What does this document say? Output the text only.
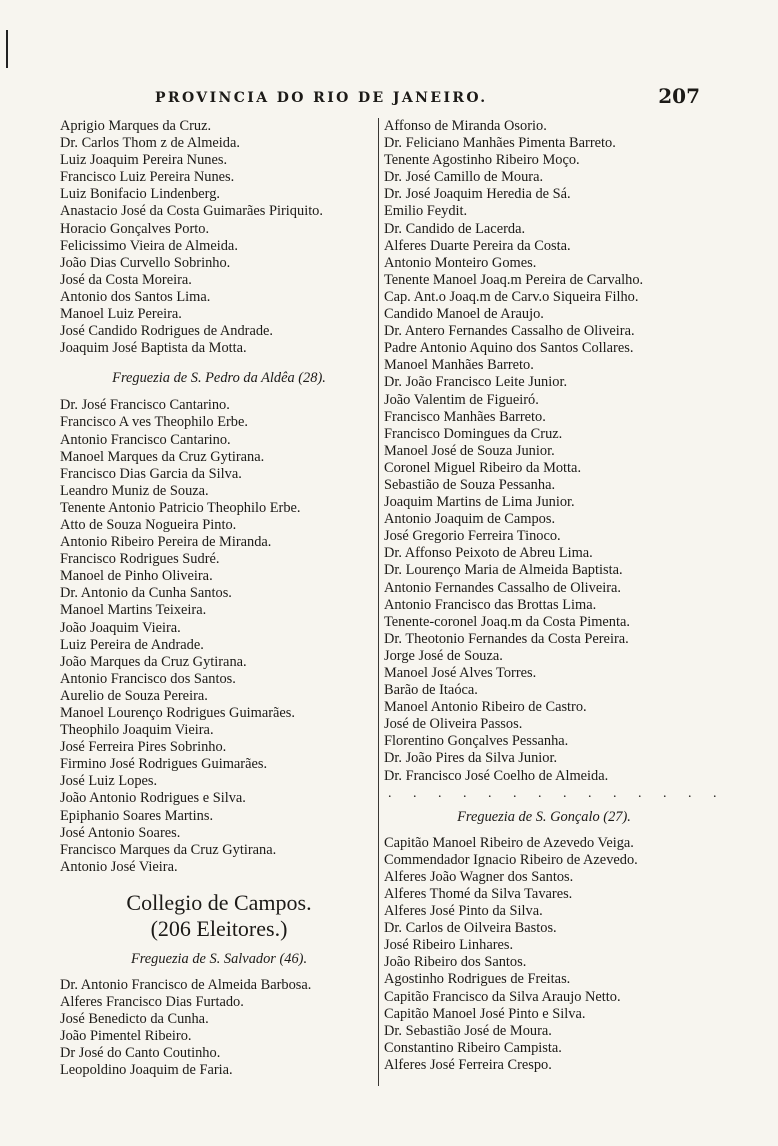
PROVINCIA DO RIO DE JANEIRO.	207
Aprigio Marques da Cruz.
Dr. Carlos Thom z de Almeida.
Luiz Joaquim Pereira Nunes.
Francisco Luiz Pereira Nunes.
Luiz Bonifacio Lindenberg.
Anastacio José da Costa Guimarães Piriquito.
Horacio Gonçalves Porto.
Felicissimo Vieira de Almeida.
João Dias Curvello Sobrinho.
José da Costa Moreira.
Antonio dos Santos Lima.
Manoel Luiz Pereira.
José Candido Rodrigues de Andrade.
Joaquim José Baptista da Motta.
Freguezia de S. Pedro da Aldêa (28).
Dr. José Francisco Cantarino.
Francisco A ves Theophilo Erbe.
Antonio Francisco Cantarino.
Manoel Marques da Cruz Gytirana.
Francisco Dias Garcia da Silva.
Leandro Muniz de Souza.
Tenente Antonio Patricio Theophilo Erbe.
Atto de Souza Nogueira Pinto.
Antonio Ribeiro Pereira de Miranda.
Francisco Rodrigues Sudré.
Manoel de Pinho Oliveira.
Dr. Antonio da Cunha Santos.
Manoel Martins Teixeira.
João Joaquim Vieira.
Luiz Pereira de Andrade.
João Marques da Cruz Gytirana.
Antonio Francisco dos Santos.
Aurelio de Souza Pereira.
Manoel Lourenço Rodrigues Guimarães.
Theophilo Joaquim Vieira.
José Ferreira Pires Sobrinho.
Firmino José Rodrigues Guimarães.
José Luiz Lopes.
João Antonio Rodrigues e Silva.
Epiphanio Soares Martins.
José Antonio Soares.
Francisco Marques da Cruz Gytirana.
Antonio José Vieira.
Collegio de Campos.
(206 Eleitores.)
Freguezia de S. Salvador (46).
Dr. Antonio Francisco de Almeida Barbosa.
Alferes Francisco Dias Furtado.
José Benedicto da Cunha.
João Pimentel Ribeiro.
Dr José do Canto Coutinho.
Leopoldino Joaquim de Faria.
Affonso de Miranda Osorio.
Dr. Feliciano Manhães Pimenta Barreto.
Tenente Agostinho Ribeiro Moço.
Dr. José Camillo de Moura.
Dr. José Joaquim Heredia de Sá.
Emilio Feydit.
Dr. Candido de Lacerda.
Alferes Duarte Pereira da Costa.
Antonio Monteiro Gomes.
Tenente Manoel Joaq.m Pereira de Carvalho.
Cap. Ant.o Joaq.m de Carv.o Siqueira Filho.
Candido Manoel de Araujo.
Dr. Antero Fernandes Cassalho de Oliveira.
Padre Antonio Aquino dos Santos Collares.
Manoel Manhães Barreto.
Dr. João Francisco Leite Junior.
João Valentim de Figueiró.
Francisco Manhães Barreto.
Francisco Domingues da Cruz.
Manoel José de Souza Junior.
Coronel Miguel Ribeiro da Motta.
Sebastião de Souza Pessanha.
Joaquim Martins de Lima Junior.
Antonio Joaquim de Campos.
José Gregorio Ferreira Tinoco.
Dr. Affonso Peixoto de Abreu Lima.
Dr. Lourenço Maria de Almeida Baptista.
Antonio Fernandes Cassalho de Oliveira.
Antonio Francisco das Brottas Lima.
Tenente-coronel Joaq.m da Costa Pimenta.
Dr. Theotonio Fernandes da Costa Pereira.
Jorge José de Souza.
Manoel José Alves Torres.
Barão de Itaóca.
Manoel Antonio Ribeiro de Castro.
José de Oliveira Passos.
Florentino Gonçalves Pessanha.
Dr. João Pires da Silva Junior.
Dr. Francisco José Coelho de Almeida.
. . . . . . . . . . . . . .
Freguezia de S. Gonçalo (27).
Capitão Manoel Ribeiro de Azevedo Veiga.
Commendador Ignacio Ribeiro de Azevedo.
Alferes João Wagner dos Santos.
Alferes Thomé da Silva Tavares.
Alferes José Pinto da Silva.
Dr. Carlos de Oilveira Bastos.
José Ribeiro Linhares.
João Ribeiro dos Santos.
Agostinho Rodrigues de Freitas.
Capitão Francisco da Silva Araujo Netto.
Capitão Manoel José Pinto e Silva.
Dr. Sebastião José de Moura.
Constantino Ribeiro Campista.
Alferes José Ferreira Crespo.
